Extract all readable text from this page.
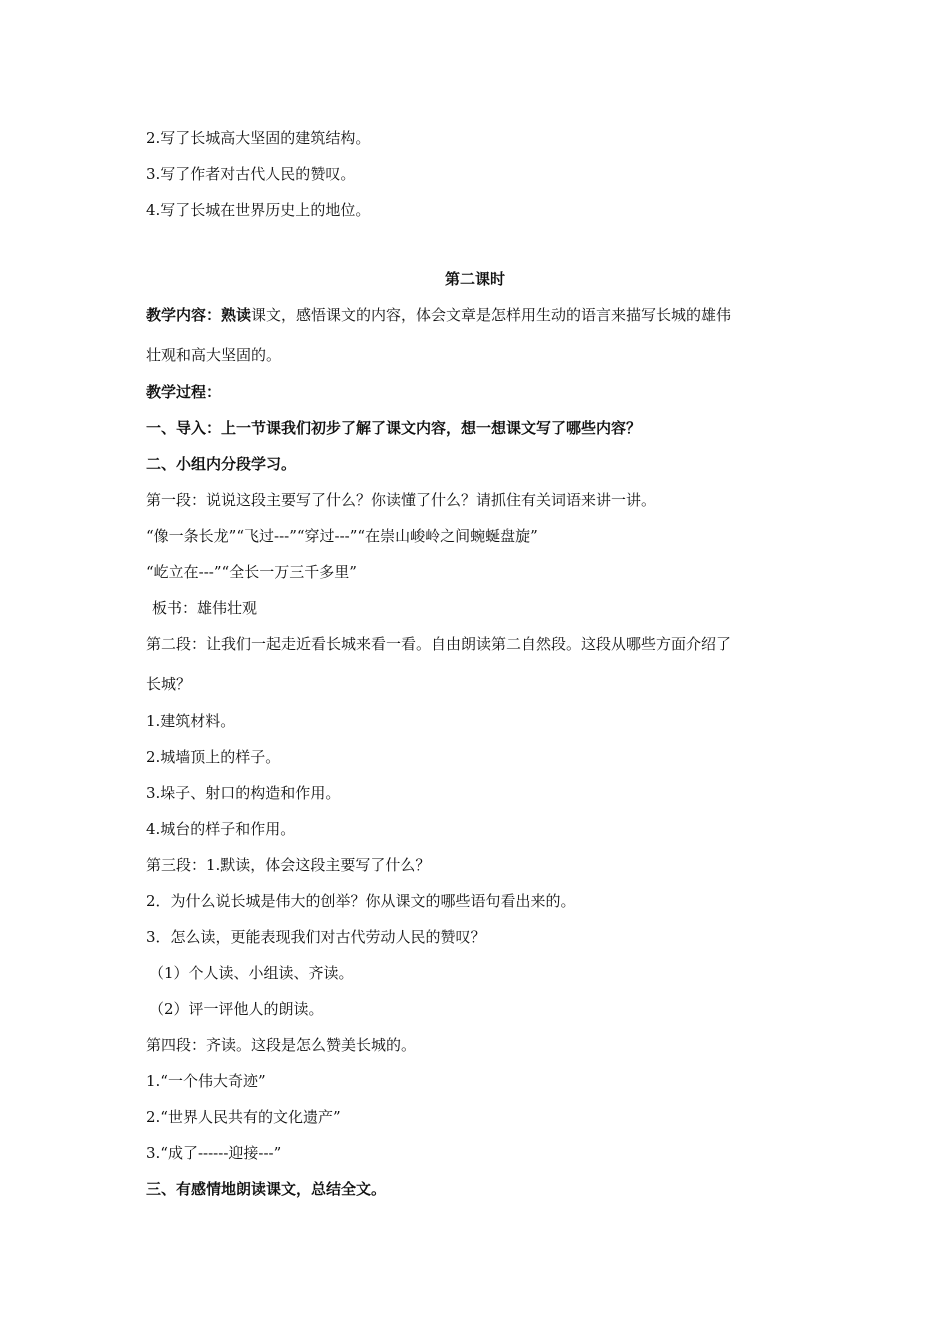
2.写了长城高大坚固的建筑结构。
3.写了作者对古代人民的赞叹。
4.写了长城在世界历史上的地位。
第二课时
教学内容：熟读课文，感悟课文的内容，体会文章是怎样用生动的语言来描写长城的雄伟
壮观和高大坚固的。
教学过程：
一、导入：上一节课我们初步了解了课文内容，想一想课文写了哪些内容？
二、小组内分段学习。
第一段：说说这段主要写了什么？你读懂了什么？请抓住有关词语来讲一讲。
“像一条长龙”“飞过---”“穿过---”“在崇山峻岭之间蜿蜒盘旋”
“屹立在---”“全长一万三千多里”
板书：雄伟壮观
第二段：让我们一起走近看长城来看一看。自由朗读第二自然段。这段从哪些方面介绍了
长城？
1.建筑材料。
2.城墙顶上的样子。
3.垛子、射口的构造和作用。
4.城台的样子和作用。
第三段：1.默读，体会这段主要写了什么？
2．为什么说长城是伟大的创举？你从课文的哪些语句看出来的。
3．怎么读，更能表现我们对古代劳动人民的赞叹？
（1）个人读、小组读、齐读。
（2）评一评他人的朗读。
第四段：齐读。这段是怎么赞美长城的。
1.“一个伟大奇迹”
2.“世界人民共有的文化遗产”
3.“成了------迎接---”
三、有感情地朗读课文，总结全文。
